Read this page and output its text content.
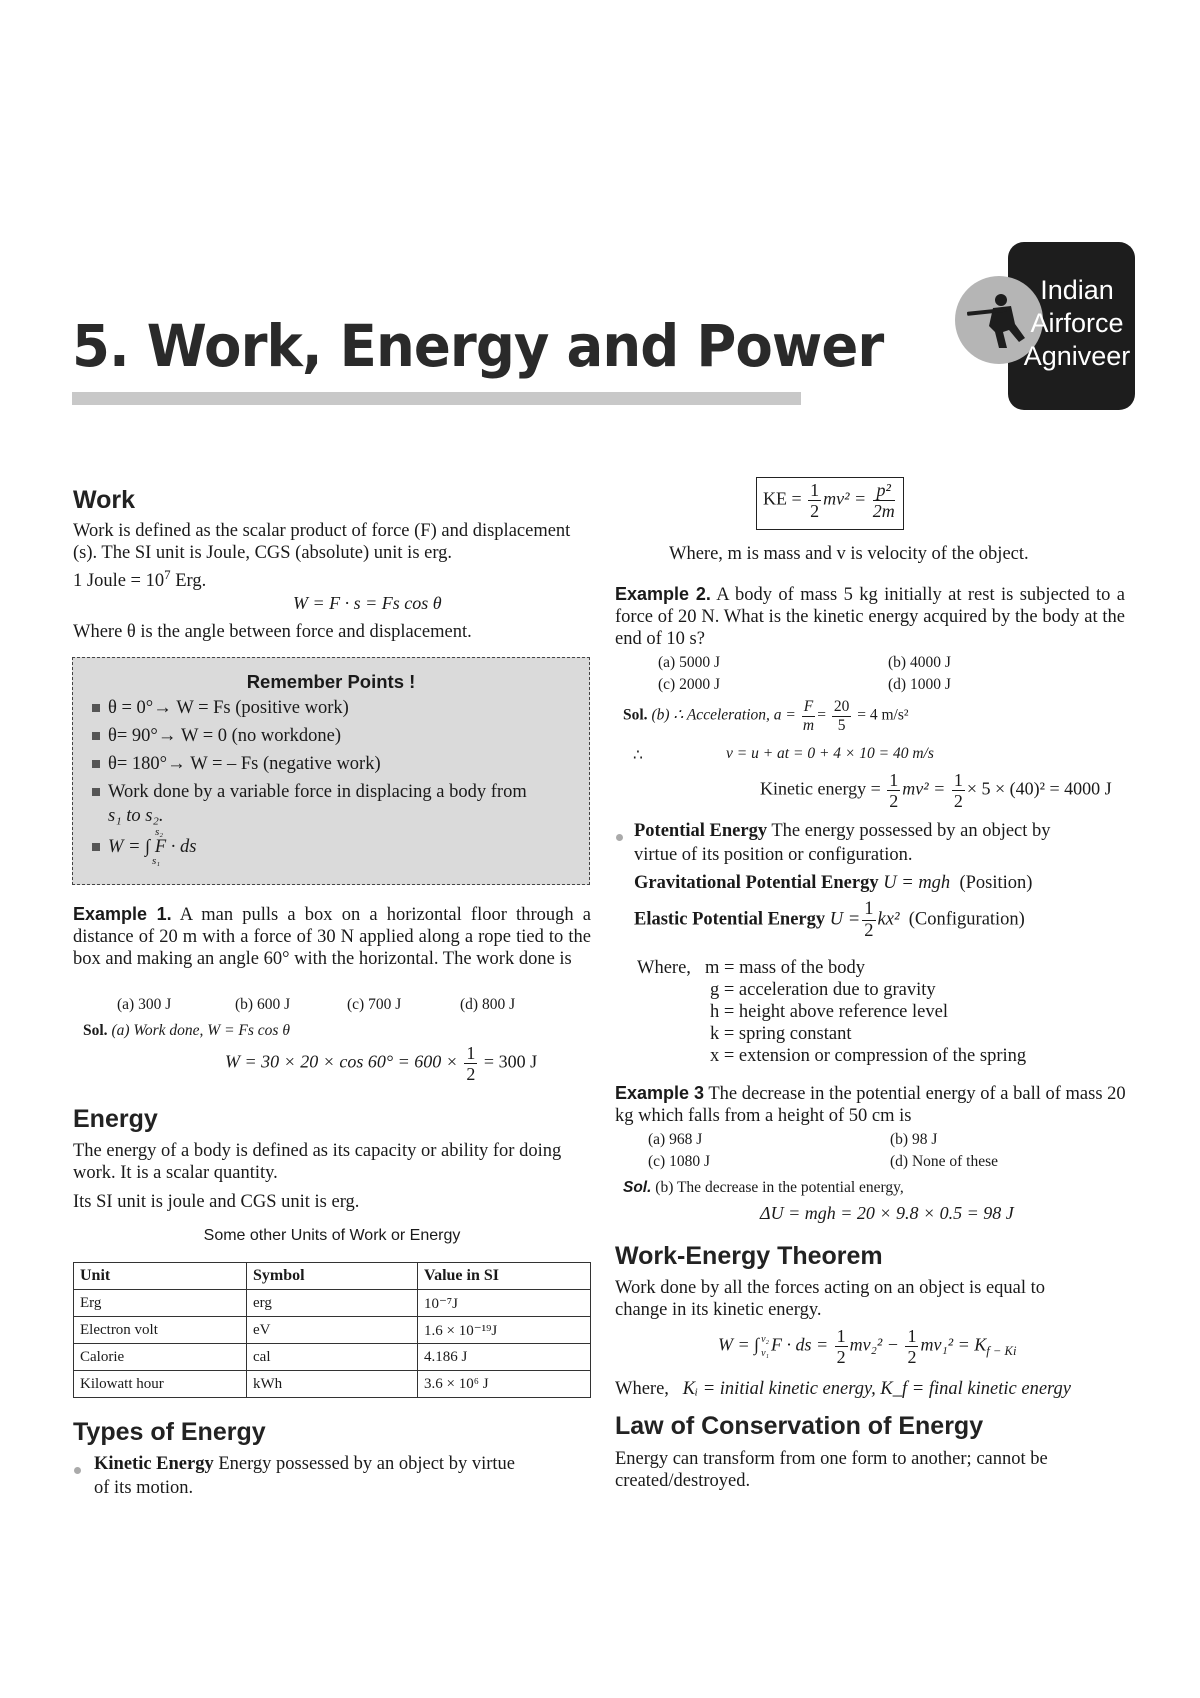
5. Work, Energy and Power
Indian
Airforce
Agniveer
Work
Work is defined as the scalar product of force (F) and displacement (s). The SI unit is Joule, CGS (absolute) unit is erg.
1 Joule = $10^7$ Erg.
W = F · s = Fs cos θ
Where θ is the angle between force and displacement.
Remember Points !
θ = 0°→ W = Fs (positive work)
θ= 90°→ W = 0 (no workdone)
θ= 180°→ W = – Fs (negative work)
Work done by a variable force in displacing a body from
s₁ to s₂.
W = ∫ F · ds
s₂
s₁
Example 1. A man pulls a box on a horizontal floor through a distance of 20 m with a force of 30 N applied along a rope tied to the box and making an angle 60° with the horizontal. The work done is
(a) 300 J	(b) 600 J	(c) 700 J	(d) 800 J
Sol. (a) Work done, W = Fs cos θ
$W = 30 \times 20 \times \cos 60^\circ = 600 \times \frac{1}{2} = 300$ J
Energy
The energy of a body is defined as its capacity or ability for doing work. It is a scalar quantity.
Its SI unit is joule and CGS unit is erg.
Some other Units of Work or Energy
Unit	Symbol	Value in SI
Erg	erg	10⁻⁷J
Electron volt	eV	1.6 × 10⁻¹⁹J
Calorie	cal	4.186 J
Kilowatt hour	kWh	3.6 × 10⁶ J
Types of Energy
Kinetic Energy Energy possessed by an object by virtue
of its motion.
KE = $\frac{1}{2} mv^2 = \frac{\text{p²}}{2m}$
Where, m is mass and v is velocity of the object.
Example 2. A body of mass 5 kg initially at rest is subjected to a force of 20 N. What is the kinetic energy acquired by the body at the end of 10 s?
(a) 5000 J	(b) 4000 J
(c) 2000 J	(d) 1000 J
Sol. (b) ∴ Acceleration, $a = \frac{F}{m} = \frac{20}{5} = 4$ m/s²
∴	v = u + at = 0 + 4 × 10 = 40 m/s
Kinetic energy = $\frac{1}{2} mv^2 = \frac{1}{2} \times 5 \times (40)^2 = 4000$ J
Potential Energy The energy possessed by an object by
virtue of its position or configuration.
Gravitational Potential Energy U = mgh (Position)
Elastic Potential Energy $U = \frac{1}{2} kx^2$ (Configuration)
Where, m = mass of the body
g = acceleration due to gravity
h = height above reference level
k = spring constant
x = extension or compression of the spring
Example 3 The decrease in the potential energy of a ball of mass 20 kg which falls from a height of 50 cm is
(a) 968 J	(b) 98 J
(c) 1080 J	(d) None of these
Sol. (b) The decrease in the potential energy,
ΔU = mgh = 20 × 9.8 × 0.5 = 98 J
Work-Energy Theorem
Work done by all the forces acting on an object is equal to change in its kinetic energy.
W = ∫ v₂
v₁ F · ds = $\frac{1}{2} mv_2^2 - \frac{1}{2} mv_1^2 = K_{f - Ki}$
Where, Kᵢ = initial kinetic energy, K_f = final kinetic energy
Law of Conservation of Energy
Energy can transform from one form to another; cannot be created/destroyed.
